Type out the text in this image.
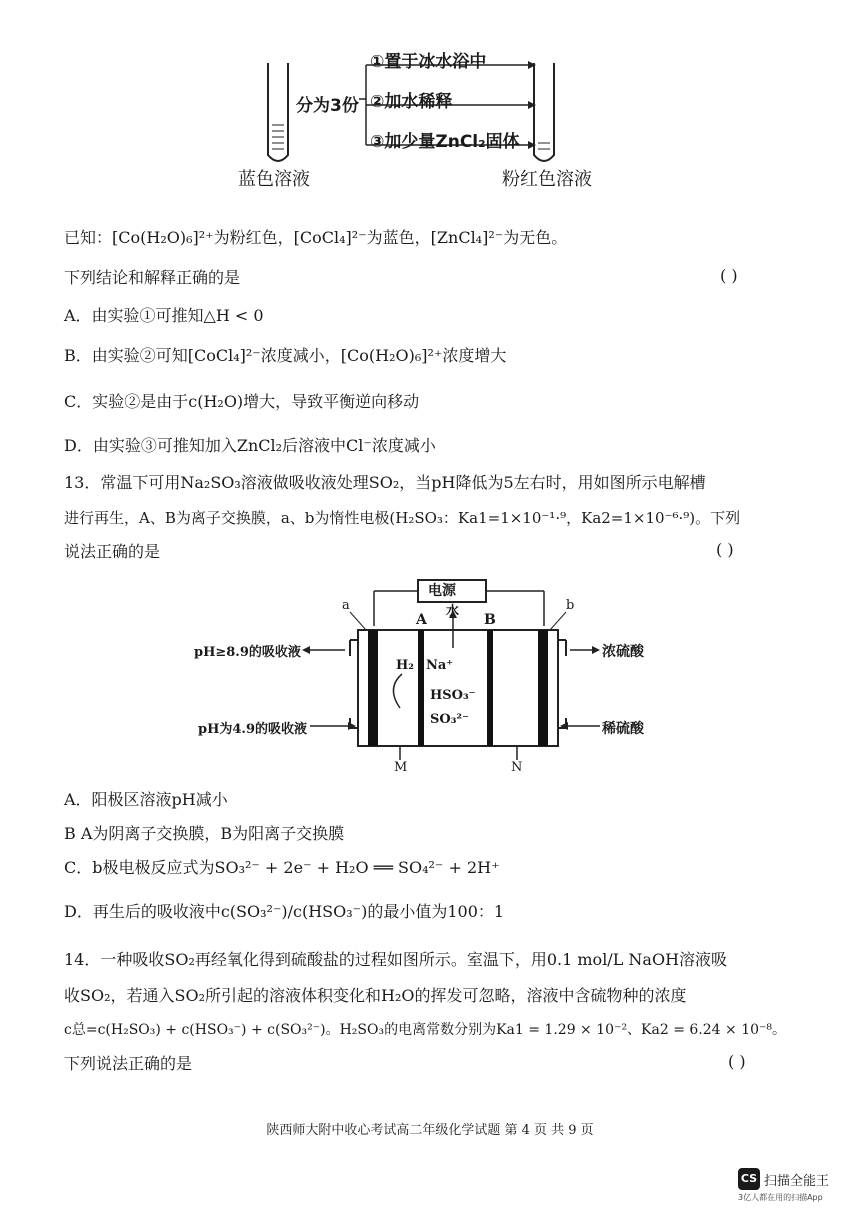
分为3份
①置于冰水浴中
②加水稀释
③加少量ZnCl₂固体
蓝色溶液	粉红色溶液
已知：[Co(H₂O)₆]²⁺为粉红色，[CoCl₄]²⁻为蓝色，[ZnCl₄]²⁻为无色。
下列结论和解释正确的是	( )
A．由实验①可推知△H < 0
B．由实验②可知[CoCl₄]²⁻浓度减小，[Co(H₂O)₆]²⁺浓度增大
C．实验②是由于c(H₂O)增大，导致平衡逆向移动
D．由实验③可推知加入ZnCl₂后溶液中Cl⁻浓度减小
13．常温下可用Na₂SO₃溶液做吸收液处理SO₂，当pH降低为5左右时，用如图所示电解槽
进行再生，A、B为离子交换膜，a、b为惰性电极(H₂SO₃：Ka1=1×10⁻¹·⁹，Ka2=1×10⁻⁶·⁹)。下列
说法正确的是	( )
电源
a	b
A	B
水
pH≥8.9的吸收液
pH为4.9的吸收液
浓硫酸
稀硫酸
H₂ Na⁺
HSO₃⁻
SO₃²⁻
M	N
A．阳极区溶液pH减小
B A为阴离子交换膜，B为阳离子交换膜
C．b极电极反应式为SO₃²⁻ + 2e⁻ + H₂O ══ SO₄²⁻ + 2H⁺
D．再生后的吸收液中c(SO₃²⁻)/c(HSO₃⁻)的最小值为100：1
14．一种吸收SO₂再经氧化得到硫酸盐的过程如图所示。室温下，用0.1 mol/L NaOH溶液吸
收SO₂，若通入SO₂所引起的溶液体积变化和H₂O的挥发可忽略，溶液中含硫物种的浓度
c总=c(H₂SO₃) + c(HSO₃⁻) + c(SO₃²⁻)。H₂SO₃的电离常数分别为Ka1 = 1.29 × 10⁻²、Ka2 = 6.24 × 10⁻⁸。
下列说法正确的是	( )
陕西师大附中收心考试高二年级化学试题 第 4 页 共 9 页
CS 扫描全能王
3亿人都在用的扫描App
